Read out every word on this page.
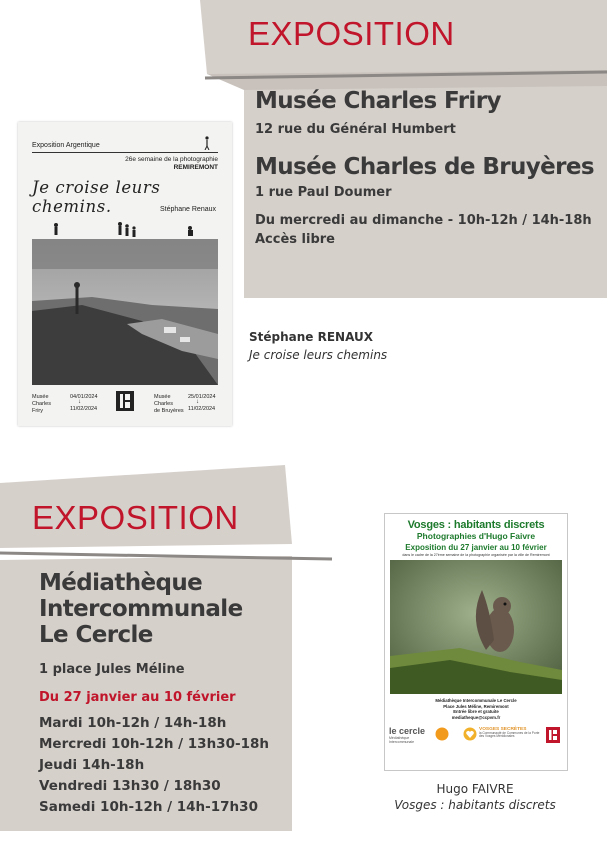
EXPOSITION
Musée Charles Friry
12 rue du Général Humbert
Musée Charles de Bruyères
1 rue Paul Doumer
Du mercredi au dimanche - 10h-12h / 14h-18h
Accès libre
Exposition Argentique
26e semaine de la photographie
REMIREMONT
Je croise leurs chemins.	Stéphane Renaux
Musée
Charles
Friry
04/01/2024
↓
11/02/2024
Musée
Charles
de Bruyères
25/01/2024
↓
11/02/2024
Stéphane RENAUX
Je croise leurs chemins
EXPOSITION
Médiathèque
Intercommunale
Le Cercle
1 place Jules Méline
Du 27 janvier au 10 février
Mardi 10h-12h / 14h-18h
Mercredi 10h-12h / 13h30-18h
Jeudi 14h-18h
Vendredi 13h30 / 18h30
Samedi 10h-12h / 14h-17h30
Vosges : habitants discrets
Photographies d'Hugo Faivre
Exposition du 27 janvier au 10 février
dans le cadre de la 27ème semaine de la photographie organisée par la ville de Remiremont
Médiathèque Intercommunale Le Cercle
Place Jules Méline, Remiremont
Entrée libre et gratuite
mediatheque@ccpvm.fr
le cercle
Médiathèque Intercommunale
VOSGES SECRÈTES
la Communauté de Communes de la Porte des Vosges Méridionales
Hugo FAIVRE
Vosges : habitants discrets
